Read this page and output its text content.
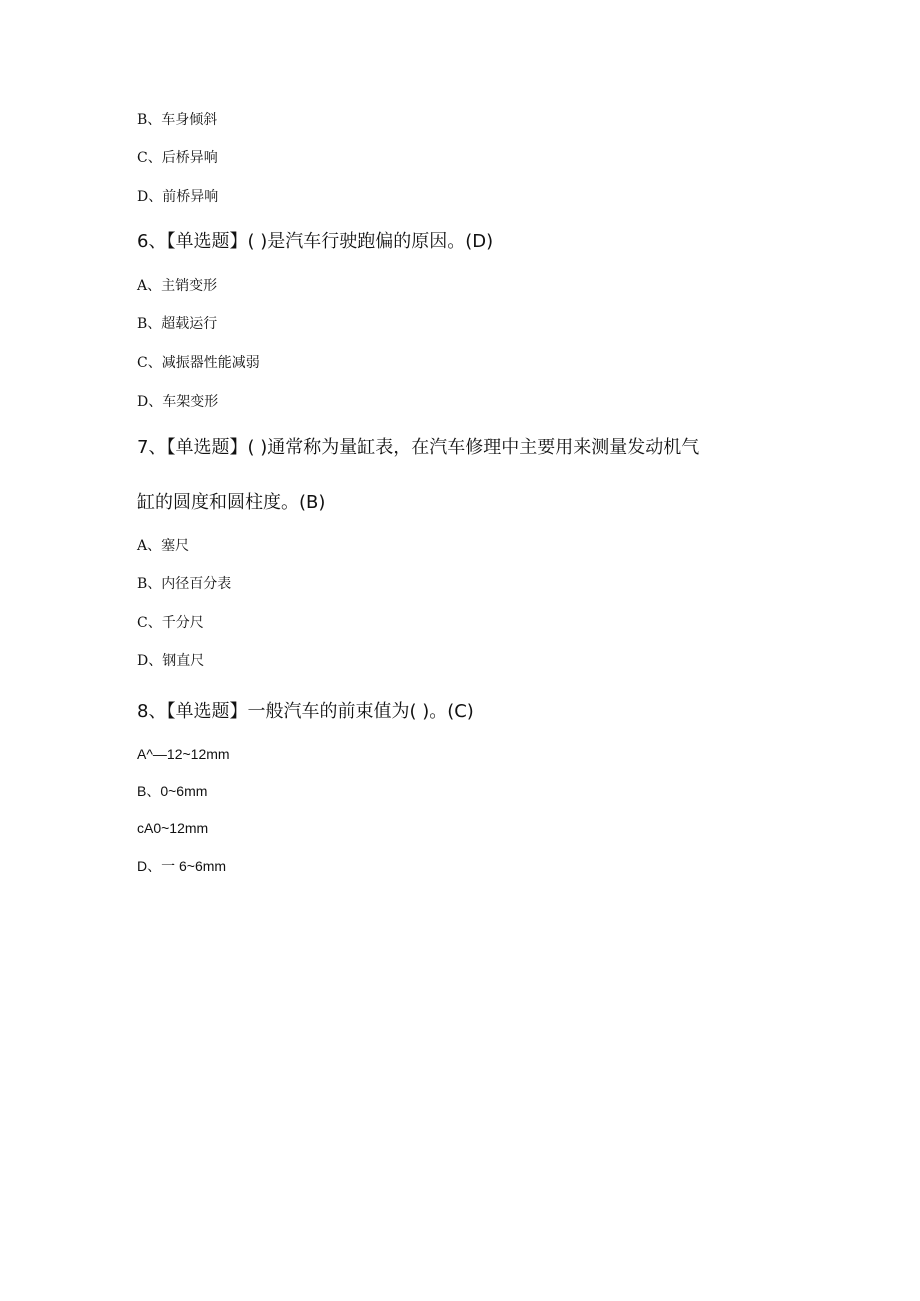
B、车身倾斜
C、后桥异响
D、前桥异响
6、【单选题】( )是汽车行驶跑偏的原因。(D)
A、主销变形
B、超载运行
C、减振器性能减弱
D、车架变形
7、【单选题】( )通常称为量缸表，在汽车修理中主要用来测量发动机气
缸的圆度和圆柱度。(B)
A、塞尺
B、内径百分表
C、千分尺
D、钢直尺
8、【单选题】一般汽车的前束值为( )。(C)
A^—12~12mm
B、0~6mm
cA0~12mm
D、一 6~6mm
